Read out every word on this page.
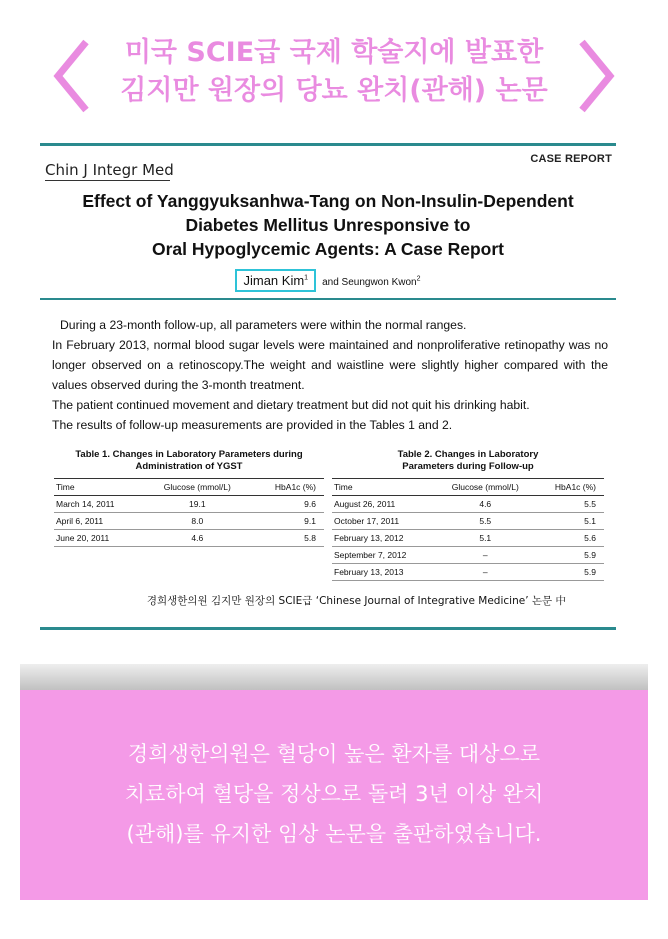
미국 SCIE급 국제 학술지에 발표한
김지만 원장의 당뇨 완치(관해) 논문
CASE REPORT
Chin J Integr Med
Effect of Yanggyuksanhwa-Tang on Non-Insulin-Dependent
Diabetes Mellitus Unresponsive to
Oral Hypoglycemic Agents: A Case Report
Jiman Kim$^1$ and Seungwon Kwon$^2$
During a 23-month follow-up, all parameters were within the normal ranges.
In February 2013, normal blood sugar levels were maintained and nonproliferative retinopathy was no longer observed on a retinoscopy.The weight and waistline were slightly higher compared with the values observed during the 3-month treatment.
The patient continued movement and dietary treatment but did not quit his drinking habit.
The results of follow-up measurements are provided in the Tables 1 and 2.
Table 1. Changes in Laboratory Parameters during
Administration of YGST
Time	Glucose (mmol/L)	HbA1c (%)
March 14, 2011	19.1	9.6
April 6, 2011	8.0	9.1
June 20, 2011	4.6	5.8
Table 2. Changes in Laboratory
Parameters during Follow-up
Time	Glucose (mmol/L)	HbA1c (%)
August 26, 2011	4.6	5.5
October 17, 2011	5.5	5.1
February 13, 2012	5.1	5.6
September 7, 2012	–	5.9
February 13, 2013	–	5.9
경희생한의원 김지만 원장의 SCIE급 ‘Chinese Journal of Integrative Medicine’ 논문 中
경희생한의원은 혈당이 높은 환자를 대상으로
치료하여 혈당을 정상으로 돌려 3년 이상 완치
(관해)를 유지한 임상 논문을 출판하였습니다.
